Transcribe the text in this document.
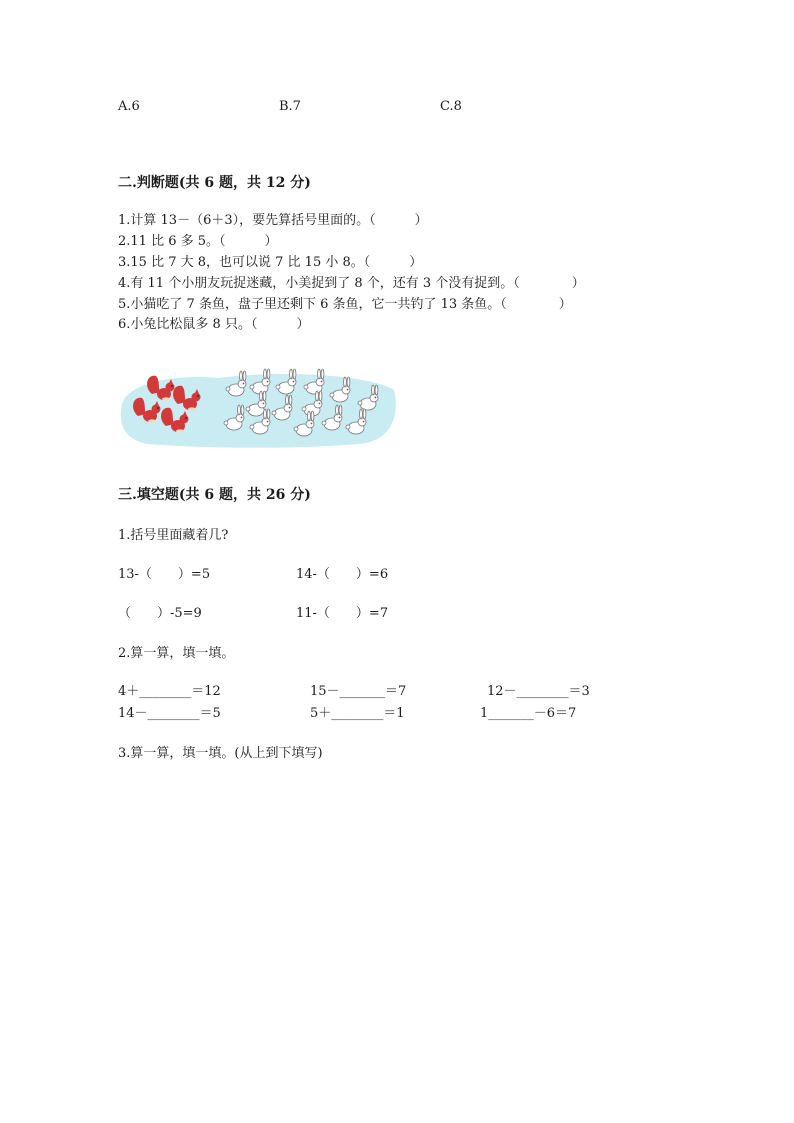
A.6	B.7	C.8
二.判断题(共 6 题，共 12 分)
1.计算 13－（6＋3），要先算括号里面的。（　　　）
2.11 比 6 多 5。（　　　）
3.15 比 7 大 8，也可以说 7 比 15 小 8。（　　　）
4.有 11 个小朋友玩捉迷藏，小美捉到了 8 个，还有 3 个没有捉到。（　　　　）
5.小猫吃了 7 条鱼，盘子里还剩下 6 条鱼，它一共钓了 13 条鱼。（　　　　）
6.小兔比松鼠多 8 只。（　　　）
三.填空题(共 6 题，共 26 分)
1.括号里面藏着几?
13-（　　）=5	14-（　　）=6
（　　）-5=9	11-（　　）=7
2.算一算，填一填。
4＋________＝12	15－_______＝7	12－________＝3
14－________＝5	5＋________＝1	1_______－6＝7
3.算一算，填一填。(从上到下填写)
